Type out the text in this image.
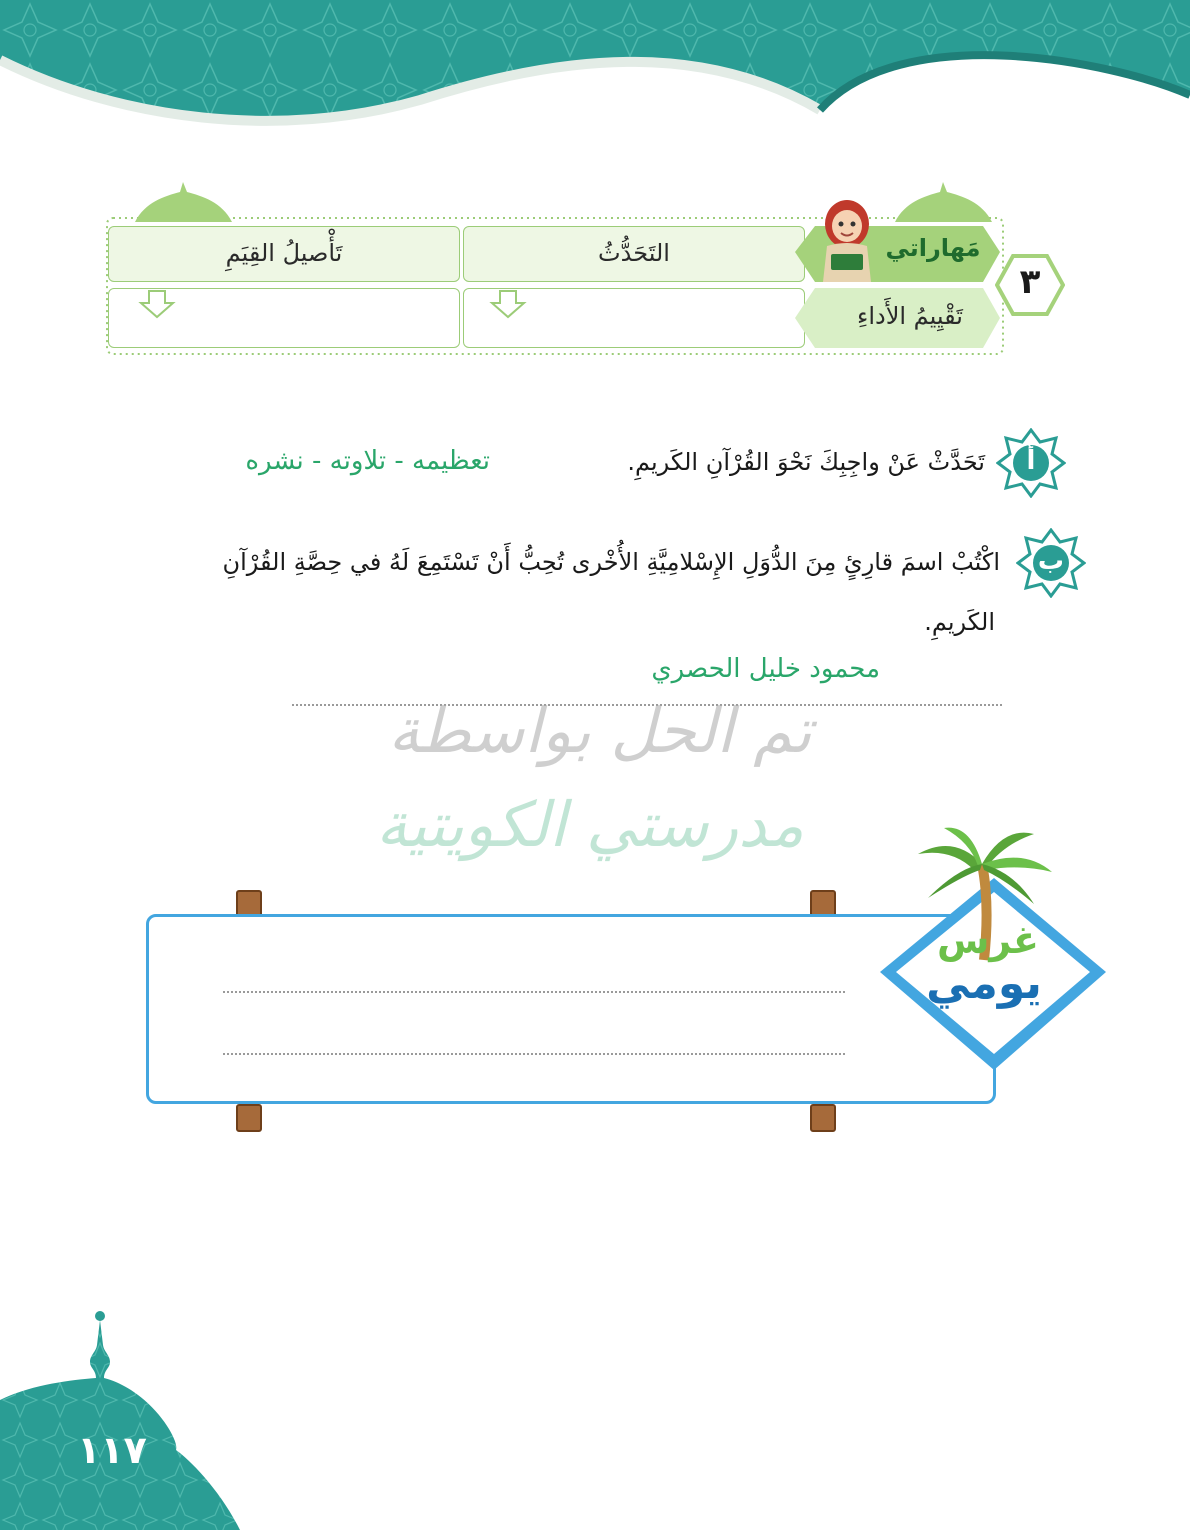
تَأْصيلُ القِيَمِ	التَحَدُّثُ	مَهاراتي
تَقْيِيمُ الأَداءِ
٣
أ
تَحَدَّثْ عَنْ واجِبِكَ نَحْوَ القُرْآنِ الكَريمِ.
تعظيمه - تلاوته - نشره
ب
اكْتُبْ اسمَ قارِئٍ مِنَ الدُّوَلِ الإِسْلامِيَّةِ الأُخْرى تُحِبُّ أَنْ تَسْتَمِعَ لَهُ في حِصَّةِ القُرْآنِ
الكَريمِ.
محمود خليل الحصري
تم الحل بواسطة
مدرستي الكويتية
غرس
يومي
١١٧
